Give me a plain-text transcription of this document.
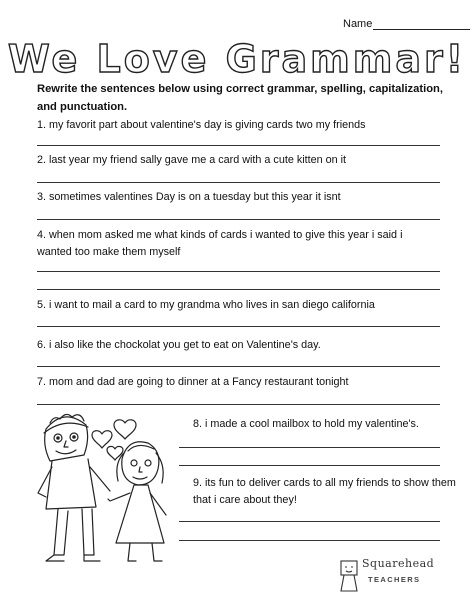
Name
We Love Grammar!
Rewrite the sentences below using correct grammar, spelling, capitalization, and punctuation.
1. my favorit part about valentine's day is giving cards two my friends
2. last year my friend sally gave me a card with a cute kitten on it
3. sometimes valentines Day is on a tuesday but this year it isnt
4. when mom asked me what kinds of cards i wanted to give this year i said i
wanted too make them myself
5. i want to mail a card to my grandma who lives in san diego california
6. i also like the chockolat you get to eat on Valentine's day.
7. mom and dad are going to dinner at a Fancy restaurant tonight
8. i made a cool mailbox to hold my valentine's.
9. its fun to deliver cards to all my friends to show them
that i care about they!
Squarehead
TEACHERS
